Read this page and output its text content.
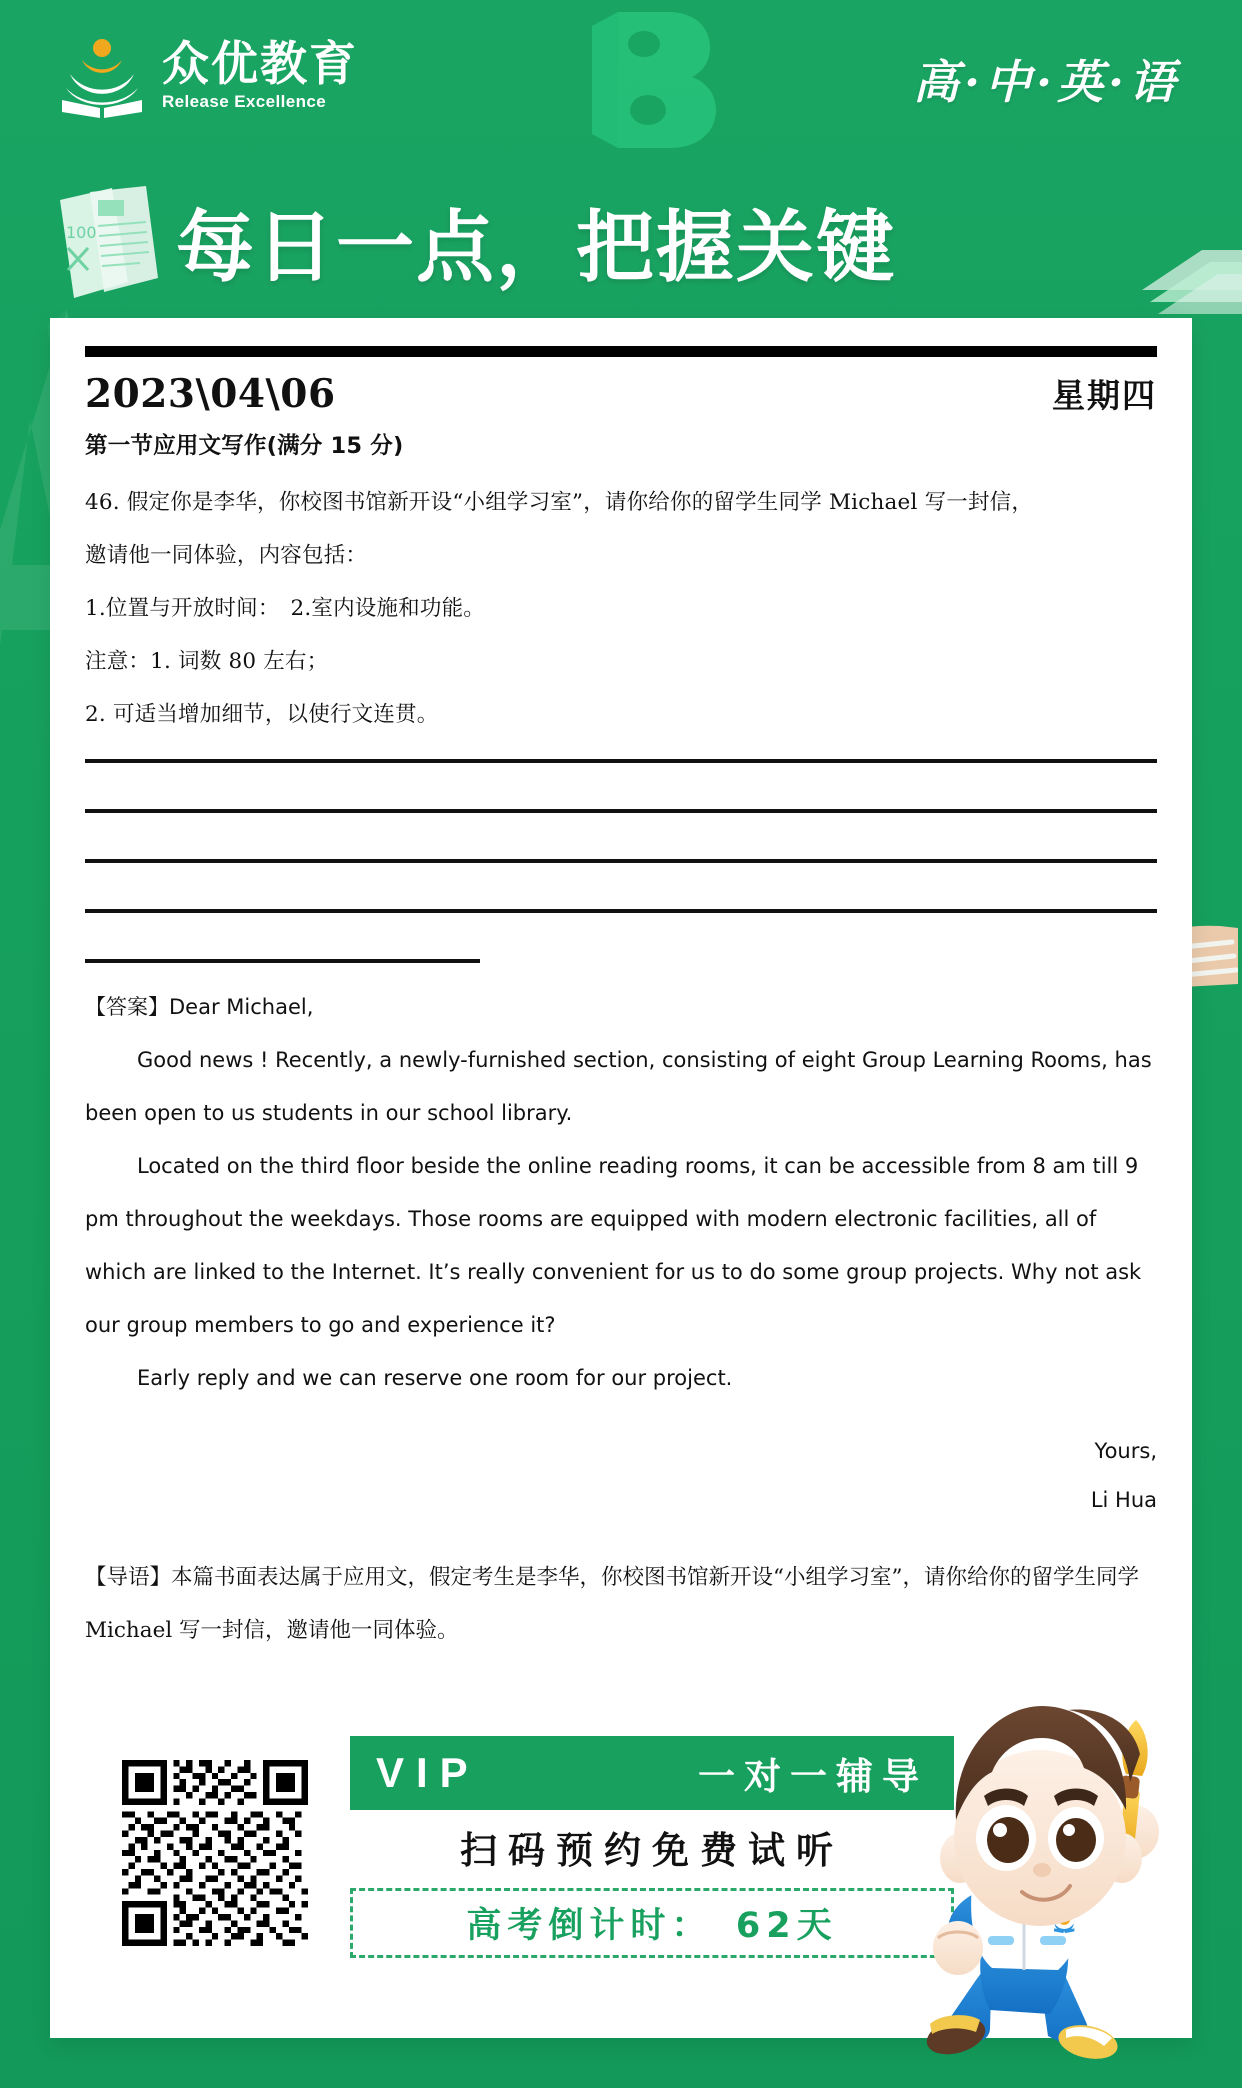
100
众优教育
Release Excellence	高·中·英·语
每日一点，把握关键
2023\04\06	星期四
第一节应用文写作(满分 15 分)
46. 假定你是李华，你校图书馆新开设“小组学习室”，请你给你的留学生同学 Michael 写一封信，
邀请他一同体验，内容包括：
1.位置与开放时间：　2.室内设施和功能。
注意：1. 词数 80 左右；
2. 可适当增加细节，以使行文连贯。

【答案】Dear Michael,

Good news ! Recently, a newly-furnished section, consisting of eight Group Learning Rooms, has been open to us students in our school library.

Located on the third floor beside the online reading rooms, it can be accessible from 8 am till 9 pm throughout the weekdays. Those rooms are equipped with modern electronic facilities, all of which are linked to the Internet. It’s really convenient for us to do some group projects. Why not ask our group members to go and experience it?

Early reply and we can reserve one room for our project.

Yours,

Li Hua

【导语】本篇书面表达属于应用文，假定考生是李华，你校图书馆新开设“小组学习室”，请你给你的留学生同学 Michael 写一封信，邀请他一同体验。
VIP	一对一辅导
扫码预约免费试听
高考倒计时：　62天
